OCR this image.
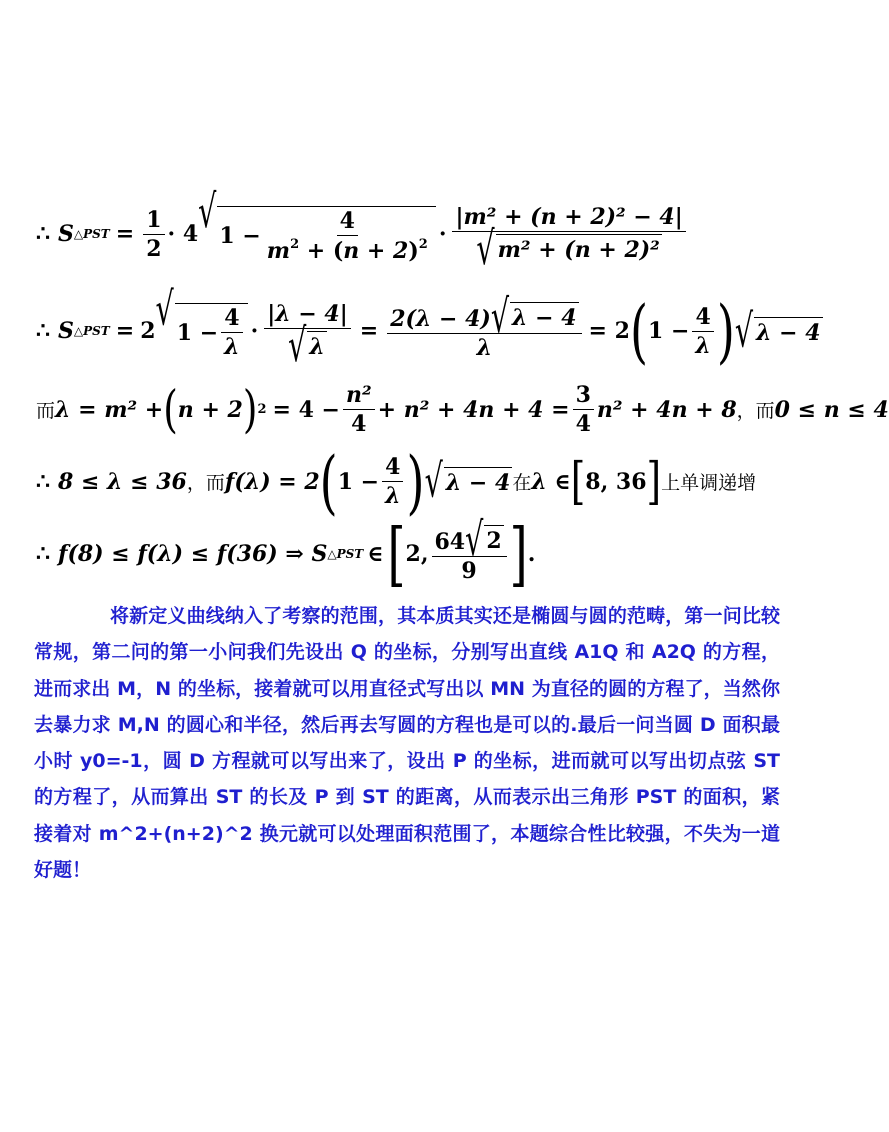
∴ S △PST = $\frac{1}{2} \cdot 4$ √ $1 - \frac{4}{m^2 + (n + 2)^2} \cdot \frac{\text{|m² + (n + 2)² − 4|}}{\text{√ m² + (n + 2)²}}$
∴ S △PST = 2 √ $1 - \frac{4}{\lambda} \cdot \frac{|\lambda - 4|}{√ \lambda} = \frac{2(\lambda - 4) √ \lambda - 4}{\lambda} = 2$ ( $1 - \frac{4}{\lambda}$ ) √ λ − 4
而 λ = m² + ( n + 2 ) $2 = 4 - \frac{\text{n²}}{4} + n^2 + 4n + 4 = \frac{3}{4} n^2 + 4n + 8$ ， 而 0 ≤ n ≤ 4
∴ 8 ≤ λ ≤ 36 ， 而 f(λ) = 2 ( $1 - \frac{4}{\lambda}$ ) √ λ − 4 在 λ ∈ [ 8, 36 ] 上单调递增
∴ f(8) ≤ f(λ) ≤ f(36) ⇒ S △PST ∈ [ 2, $\frac{64 √ 2}{9}$ ] .
将新定义曲线纳入了考察的范围，其本质其实还是椭圆与圆的范畴，第一问比较常规，第二问的第一小问我们先设出 Q 的坐标，分别写出直线 A1Q 和 A2Q 的方程，进而求出 M，N 的坐标，接着就可以用直径式写出以 MN 为直径的圆的方程了，当然你去暴力求 M,N 的圆心和半径，然后再去写圆的方程也是可以的.最后一问当圆 D 面积最小时 y0=-1，圆 D 方程就可以写出来了，设出 P 的坐标，进而就可以写出切点弦 ST 的方程了，从而算出 ST 的长及 P 到 ST 的距离，从而表示出三角形 PST 的面积，紧接着对 m^2+(n+2)^2 换元就可以处理面积范围了，本题综合性比较强，不失为一道好题！
